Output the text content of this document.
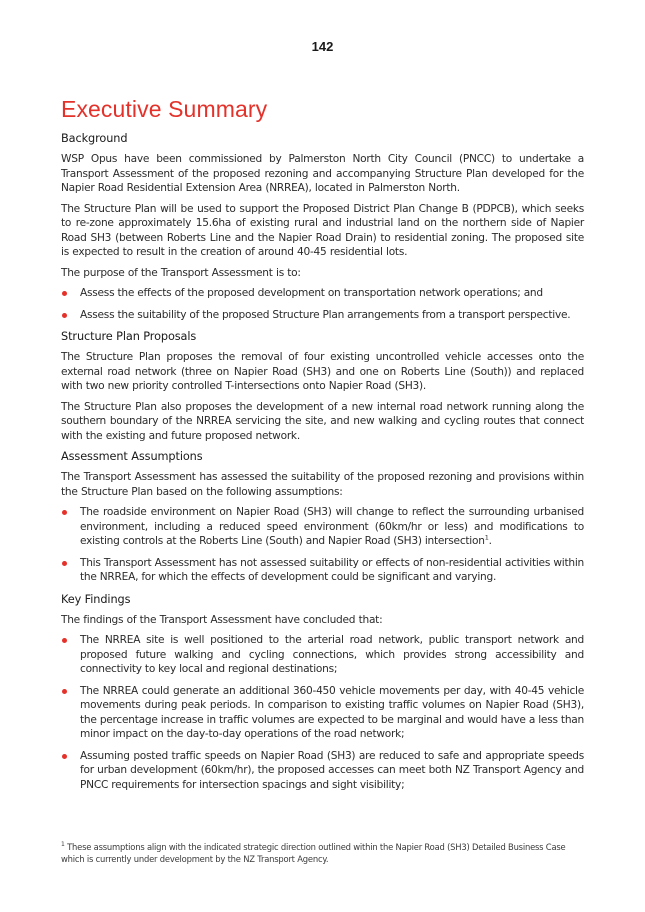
142
Executive Summary
Background

WSP Opus have been commissioned by Palmerston North City Council (PNCC) to undertake a Transport Assessment of the proposed rezoning and accompanying Structure Plan developed for the Napier Road Residential Extension Area (NRREA), located in Palmerston North.

The Structure Plan will be used to support the Proposed District Plan Change B (PDPCB), which seeks to re-zone approximately 15.6ha of existing rural and industrial land on the northern side of Napier Road SH3 (between Roberts Line and the Napier Road Drain) to residential zoning. The proposed site is expected to result in the creation of around 40-45 residential lots.

The purpose of the Transport Assessment is to:

Assess the effects of the proposed development on transportation network operations; and
Assess the suitability of the proposed Structure Plan arrangements from a transport perspective.
Structure Plan Proposals

The Structure Plan proposes the removal of four existing uncontrolled vehicle accesses onto the external road network (three on Napier Road (SH3) and one on Roberts Line (South)) and replaced with two new priority controlled T-intersections onto Napier Road (SH3).

The Structure Plan also proposes the development of a new internal road network running along the southern boundary of the NRREA servicing the site, and new walking and cycling routes that connect with the existing and future proposed network.

Assessment Assumptions

The Transport Assessment has assessed the suitability of the proposed rezoning and provisions within the Structure Plan based on the following assumptions:

The roadside environment on Napier Road (SH3) will change to reflect the surrounding urbanised environment, including a reduced speed environment (60km/hr or less) and modifications to existing controls at the Roberts Line (South) and Napier Road (SH3) intersection$^1$.
This Transport Assessment has not assessed suitability or effects of non-residential activities within the NRREA, for which the effects of development could be significant and varying.
Key Findings

The findings of the Transport Assessment have concluded that:

The NRREA site is well positioned to the arterial road network, public transport network and proposed future walking and cycling connections, which provides strong accessibility and connectivity to key local and regional destinations;
The NRREA could generate an additional 360-450 vehicle movements per day, with 40-45 vehicle movements during peak periods. In comparison to existing traffic volumes on Napier Road (SH3), the percentage increase in traffic volumes are expected to be marginal and would have a less than minor impact on the day-to-day operations of the road network;
Assuming posted traffic speeds on Napier Road (SH3) are reduced to safe and appropriate speeds for urban development (60km/hr), the proposed accesses can meet both NZ Transport Agency and PNCC requirements for intersection spacings and sight visibility;
$^1$ These assumptions align with the indicated strategic direction outlined within the Napier Road (SH3) Detailed Business Case which is currently under development by the NZ Transport Agency.
